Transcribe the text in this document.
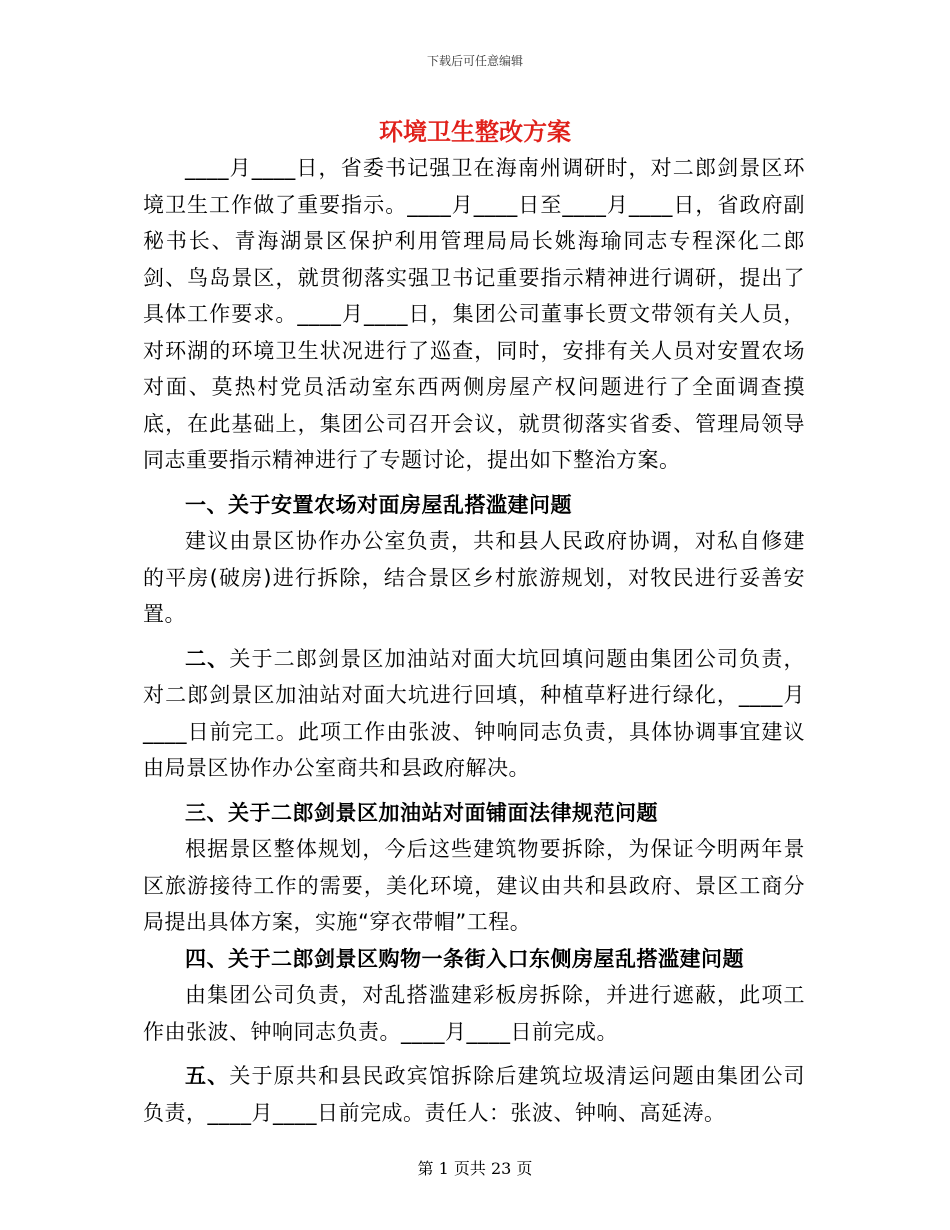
下载后可任意编辑
环境卫生整改方案

____月____日，省委书记强卫在海南州调研时，对二郎剑景区环境卫生工作做了重要指示。____月____日至____月____日，省政府副秘书长、青海湖景区保护利用管理局局长姚海瑜同志专程深化二郎剑、鸟岛景区，就贯彻落实强卫书记重要指示精神进行调研，提出了具体工作要求。____月____日，集团公司董事长贾文带领有关人员，对环湖的环境卫生状况进行了巡查，同时，安排有关人员对安置农场对面、莫热村党员活动室东西两侧房屋产权问题进行了全面调查摸底，在此基础上，集团公司召开会议，就贯彻落实省委、管理局领导同志重要指示精神进行了专题讨论，提出如下整治方案。

一、关于安置农场对面房屋乱搭滥建问题

建议由景区协作办公室负责，共和县人民政府协调，对私自修建的平房(破房)进行拆除，结合景区乡村旅游规划，对牧民进行妥善安置。

二、关于二郎剑景区加油站对面大坑回填问题由集团公司负责，对二郎剑景区加油站对面大坑进行回填，种植草籽进行绿化，____月____日前完工。此项工作由张波、钟响同志负责，具体协调事宜建议由局景区协作办公室商共和县政府解决。

三、关于二郎剑景区加油站对面铺面法律规范问题

根据景区整体规划，今后这些建筑物要拆除，为保证今明两年景区旅游接待工作的需要，美化环境，建议由共和县政府、景区工商分局提出具体方案，实施“穿衣带帽”工程。

四、关于二郎剑景区购物一条街入口东侧房屋乱搭滥建问题

由集团公司负责，对乱搭滥建彩板房拆除，并进行遮蔽，此项工作由张波、钟响同志负责。____月____日前完成。

五、关于原共和县民政宾馆拆除后建筑垃圾清运问题由集团公司负责，____月____日前完成。责任人：张波、钟响、高延涛。

第 1 页共 23 页
